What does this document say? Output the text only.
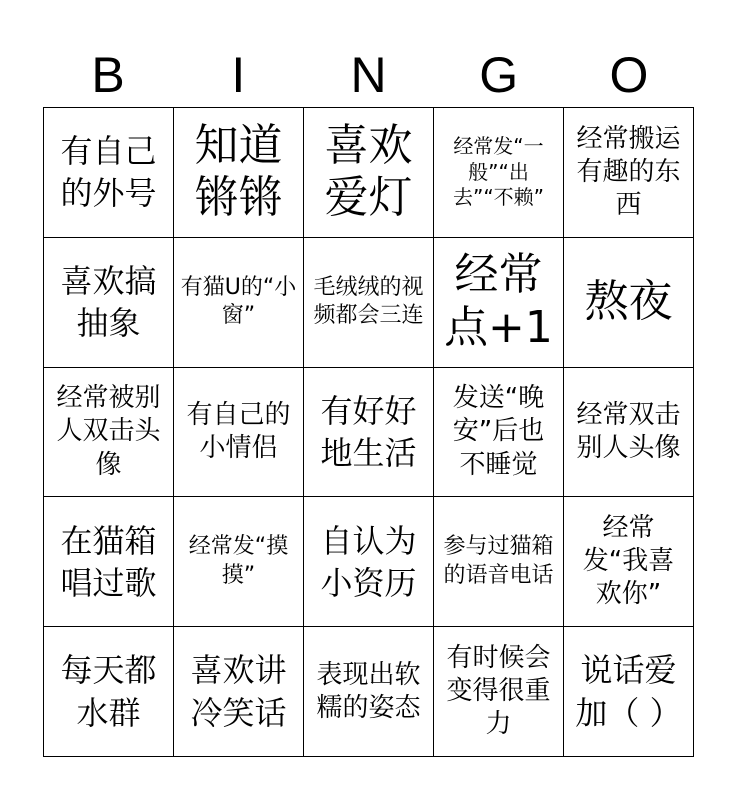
B	I	N	G	O
有自己的外号
知道锵锵
喜欢爱灯
经常发“一般”“出去”“不赖”
经常搬运有趣的东西
喜欢搞抽象
有猫U的“小窗”
毛绒绒的视频都会三连
经常点+1
熬夜
经常被别人双击头像
有自己的小情侣
有好好地生活
发送“晚安”后也不睡觉
经常双击别人头像
在猫箱唱过歌
经常发“摸摸”
自认为小资历
参与过猫箱的语音电话
经常发“我喜欢你”
每天都水群
喜欢讲冷笑话
表现出软糯的姿态
有时候会变得很重力
说话爱加（ ）
